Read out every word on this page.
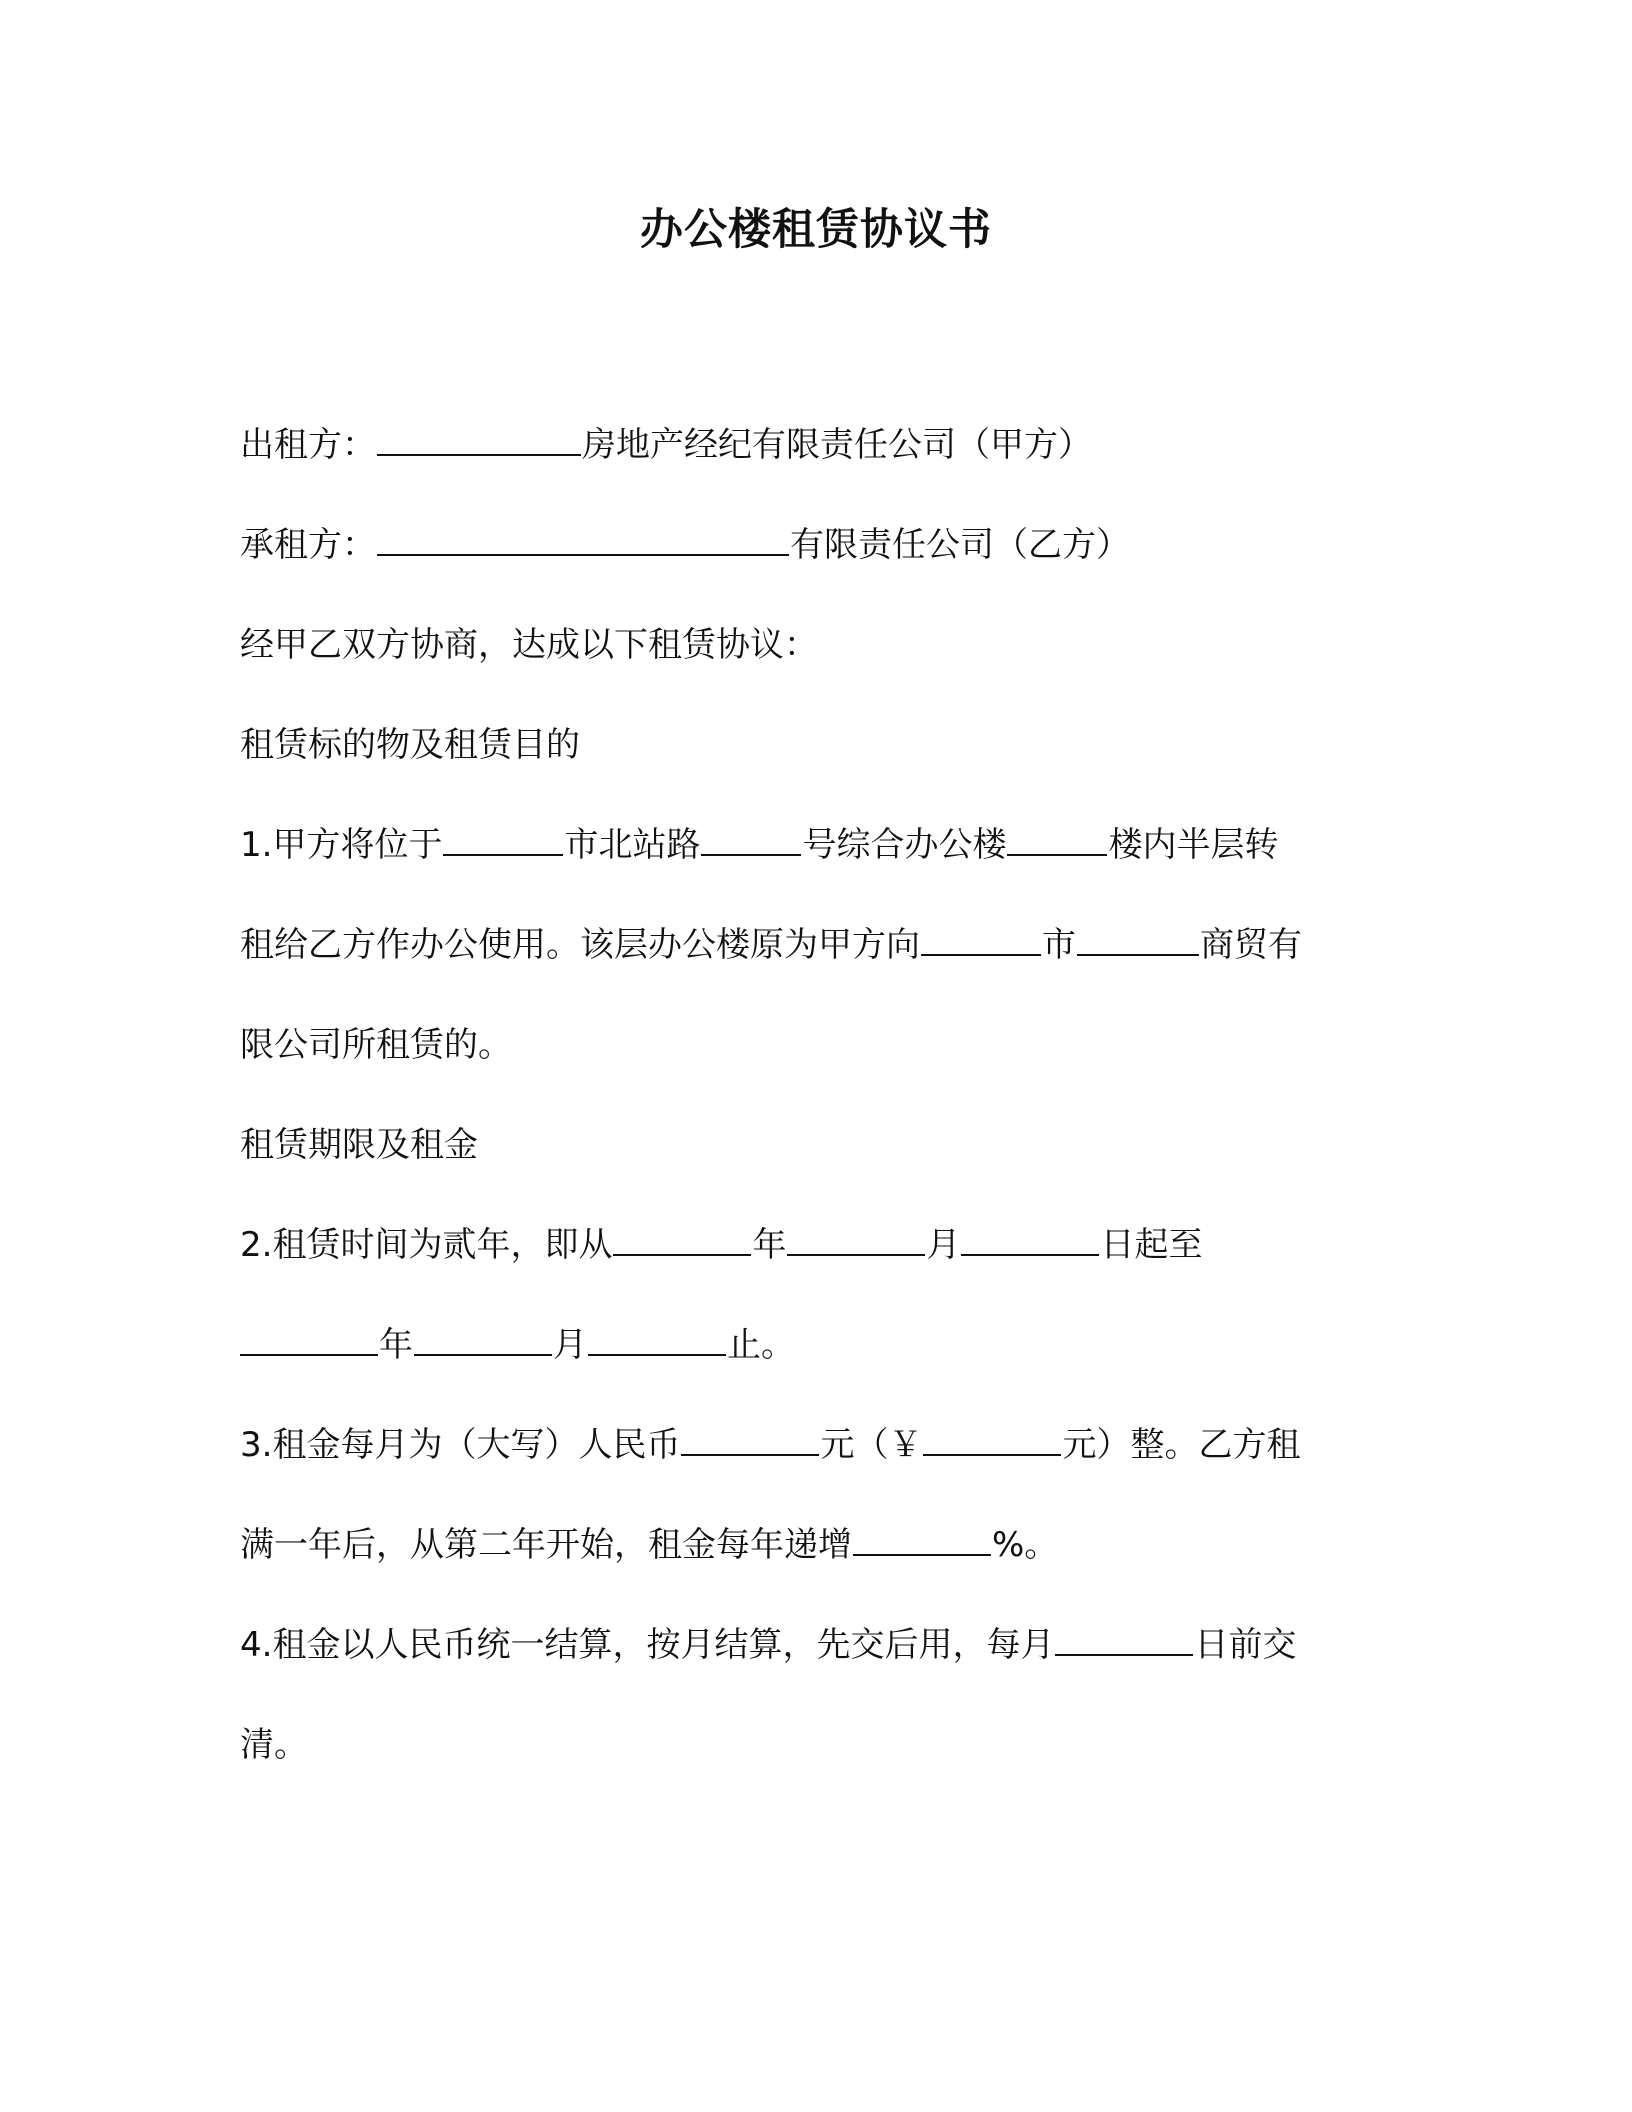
办公楼租赁协议书
出租方：	房地产经纪有限责任公司（甲方）
承租方：	有限责任公司（乙方）
经甲乙双方协商，达成以下租赁协议：
租赁标的物及租赁目的
1.甲方将位于	市北站路	号综合办公楼	楼内半层转
租给乙方作办公使用。该层办公楼原为甲方向	市	商贸有
限公司所租赁的。
租赁期限及租金
2.租赁时间为贰年，即从	年	月	日起至
年	月	止。
3.租金每月为（大写）人民币	元（￥	元）整。乙方租
满一年后，从第二年开始，租金每年递增	%。
4.租金以人民币统一结算，按月结算，先交后用，每月	日前交
清。
